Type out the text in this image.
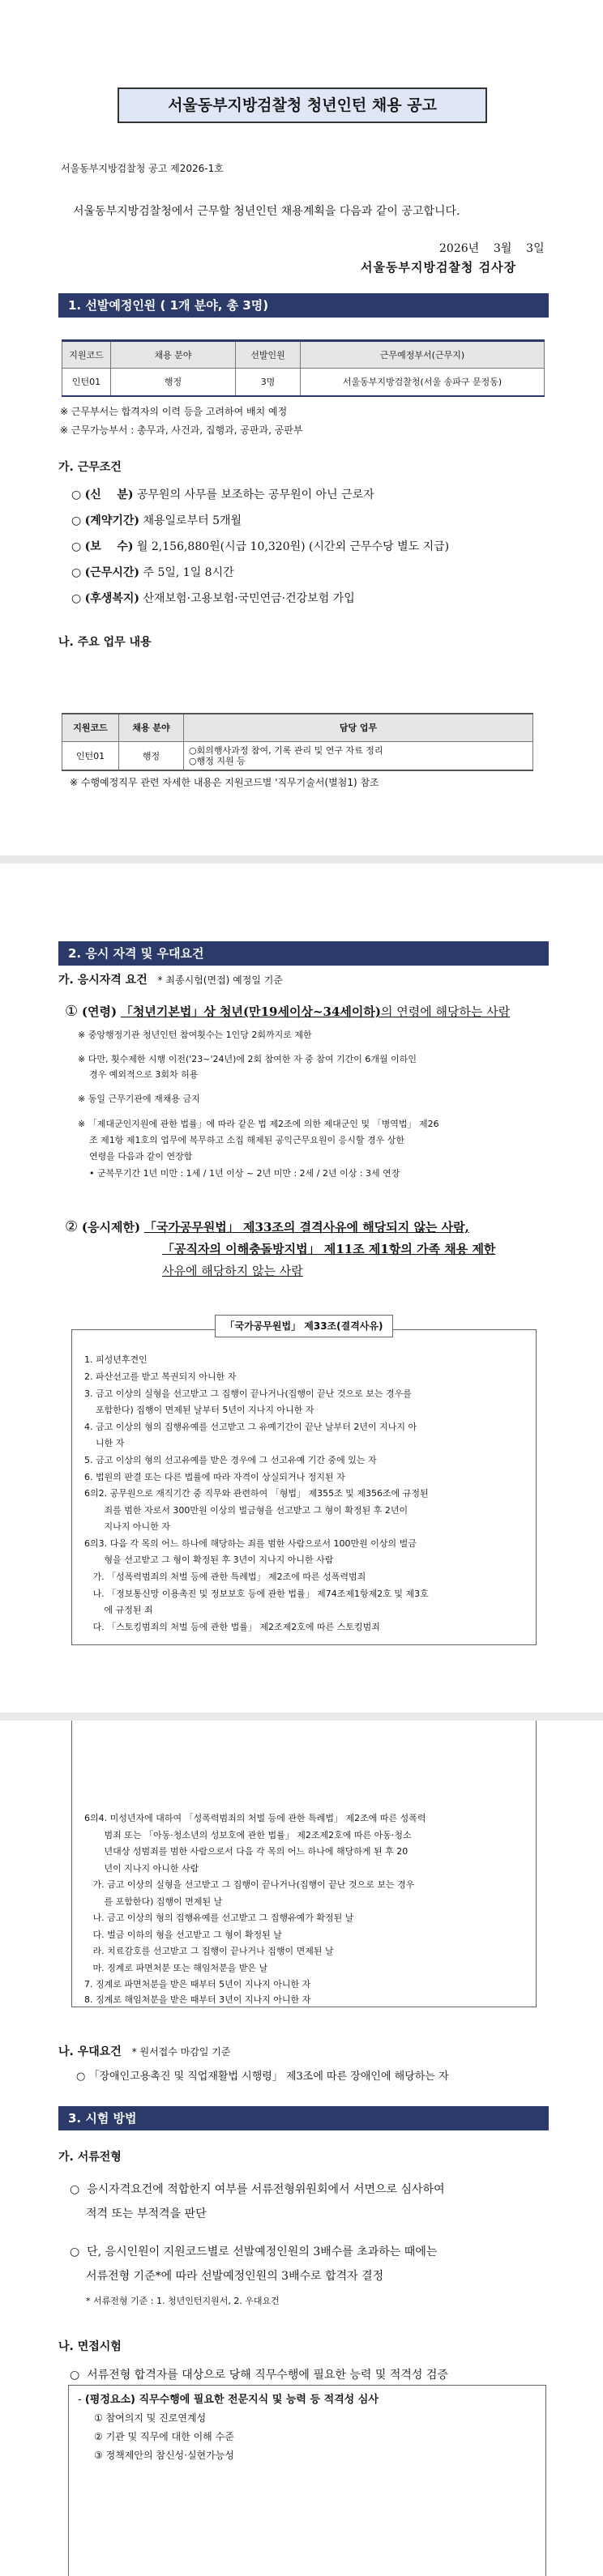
서울동부지방검찰청 청년인턴 채용 공고
서울동부지방검찰청 공고 제2026-1호
서울동부지방검찰청에서 근무할 청년인턴 채용계획을 다음과 같이 공고합니다.
2026년    3월    3일
서울동부지방검찰청 검사장
1. 선발예정인원 ( 1개 분야, 총 3명)
지원코드	채용 분야	선발인원	근무예정부서(근무지)
인턴01	행정	3명	서울동부지방검찰청(서울 송파구 문정동)
※ 근무부서는 합격자의 이력 등을 고려하여 배치 예정
※ 근무가능부서 : 총무과, 사건과, 집행과, 공판과, 공판부
가. 근무조건
○ (신    분) 공무원의 사무를 보조하는 공무원이 아닌 근로자
○ (계약기간) 채용일로부터 5개월
○ (보    수) 월 2,156,880원(시급 10,320원) (시간외 근무수당 별도 지급)
○ (근무시간) 주 5일, 1일 8시간
○ (후생복지) 산재보험·고용보험·국민연금·건강보험 가입
나. 주요 업무 내용
지원코드	채용 분야	담당 업무
인턴01	행정	○회의행사과정 참여, 기록 관리 및 연구 자료 정리
○행정 지원 등
※ 수행예정직무 관련 자세한 내용은 지원코드별 '직무기술서(별첨1) 참조
2. 응시 자격 및 우대요건
가. 응시자격 요건 * 최종시험(면접) 예정일 기준
① (연령) 「청년기본법」상 청년(만19세이상~34세이하)의 연령에 해당하는 사람
※ 중앙행정기관 청년인턴 참여횟수는 1인당 2회까지로 제한
※ 다만, 횟수제한 시행 이전('23~'24년)에 2회 참여한 자 중 참여 기간이 6개월 이하인
경우 예외적으로 3회차 허용
※ 동일 근무기관에 재채용 금지
※ 「제대군인지원에 관한 법률」에 따라 같은 법 제2조에 의한 제대군인 및 「병역법」 제26
조 제1항 제1호의 업무에 복무하고 소집 해제된 공익근무요원이 응시할 경우 상한
연령을 다음과 같이 연장함
• 군복무기간 1년 미만 : 1세 / 1년 이상 ~ 2년 미만 : 2세 / 2년 이상 : 3세 연장
② (응시제한) 「국가공무원법」 제33조의 결격사유에 해당되지 않는 사람,
「공직자의 이해충돌방지법」 제11조 제1항의 가족 채용 제한
사유에 해당하지 않는 사람
「국가공무원법」 제33조(결격사유)
1. 피성년후견인
2. 파산선고를 받고 복권되지 아니한 자
3. 금고 이상의 실형을 선고받고 그 집행이 끝나거나(집행이 끝난 것으로 보는 경우를
포함한다) 집행이 면제된 날부터 5년이 지나지 아니한 자
4. 금고 이상의 형의 집행유예를 선고받고 그 유예기간이 끝난 날부터 2년이 지나지 아
니한 자
5. 금고 이상의 형의 선고유예를 받은 경우에 그 선고유예 기간 중에 있는 자
6. 법원의 판결 또는 다른 법률에 따라 자격이 상실되거나 정지된 자
6의2. 공무원으로 재직기간 중 직무와 관련하여 「형법」 제355조 및 제356조에 규정된
죄를 범한 자로서 300만원 이상의 벌금형을 선고받고 그 형이 확정된 후 2년이
지나지 아니한 자
6의3. 다음 각 목의 어느 하나에 해당하는 죄를 범한 사람으로서 100만원 이상의 벌금
형을 선고받고 그 형이 확정된 후 3년이 지나지 아니한 사람
가. 「성폭력범죄의 처벌 등에 관한 특례법」 제2조에 따른 성폭력범죄
나. 「정보통신망 이용촉진 및 정보보호 등에 관한 법률」 제74조제1항제2호 및 제3호
에 규정된 죄
다. 「스토킹범죄의 처벌 등에 관한 법률」 제2조제2호에 따른 스토킹범죄
6의4. 미성년자에 대하여 「성폭력범죄의 처벌 등에 관한 특례법」 제2조에 따른 성폭력
범죄 또는 「아동·청소년의 성보호에 관한 법률」 제2조제2호에 따른 아동·청소
년대상 성범죄를 범한 사람으로서 다음 각 목의 어느 하나에 해당하게 된 후 20
년이 지나지 아니한 사람
가. 금고 이상의 실형을 선고받고 그 집행이 끝나거나(집행이 끝난 것으로 보는 경우
를 포함한다) 집행이 면제된 날
나. 금고 이상의 형의 집행유예를 선고받고 그 집행유예가 확정된 날
다. 벌금 이하의 형을 선고받고 그 형이 확정된 날
라. 치료감호를 선고받고 그 집행이 끝나거나 집행이 면제된 날
마. 징계로 파면처분 또는 해임처분을 받은 날
7. 징계로 파면처분을 받은 때부터 5년이 지나지 아니한 자
8. 징계로 해임처분을 받은 때부터 3년이 지나지 아니한 자
나. 우대요건 * 원서접수 마감일 기준
○ 「장애인고용촉진 및 직업재활법 시행령」 제3조에 따른 장애인에 해당하는 자
3. 시험 방법
가. 서류전형
○  응시자격요건에 적합한지 여부를 서류전형위원회에서 서면으로 심사하여
적격 또는 부적격을 판단
○  단, 응시인원이 지원코드별로 선발예정인원의 3배수를 초과하는 때에는
서류전형 기준*에 따라 선발예정인원의 3배수로 합격자 결정
* 서류전형 기준 : 1. 청년인턴지원서, 2. 우대요건
나. 면접시험
○  서류전형 합격자를 대상으로 당해 직무수행에 필요한 능력 및 적격성 검증
- (평정요소) 직무수행에 필요한 전문지식 및 능력 등 적격성 심사
① 참여의지 및 진로연계성
② 기관 및 직무에 대한 이해 수준
③ 정책제안의 참신성·실현가능성
